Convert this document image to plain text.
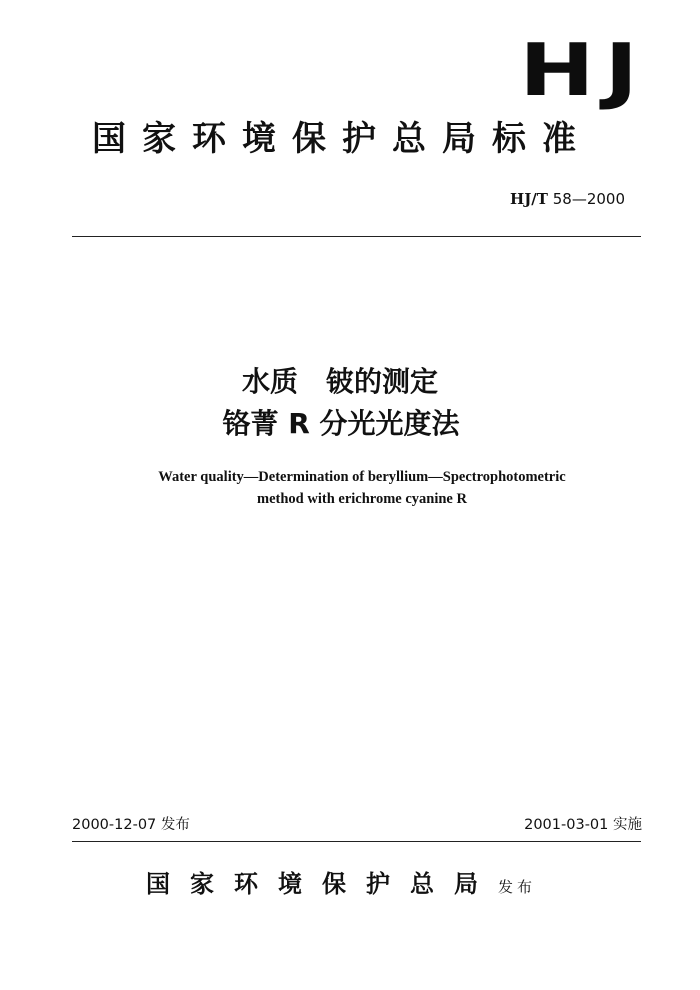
HJ
国家环境保护总局标准
HJ/T 58—2000
水质　铍的测定
铬菁 R 分光光度法
Water quality—Determination of beryllium—Spectrophotometric
method with erichrome cyanine R
2000-12-07 发布	2001-03-01 实施
国家环境保护总局发布
